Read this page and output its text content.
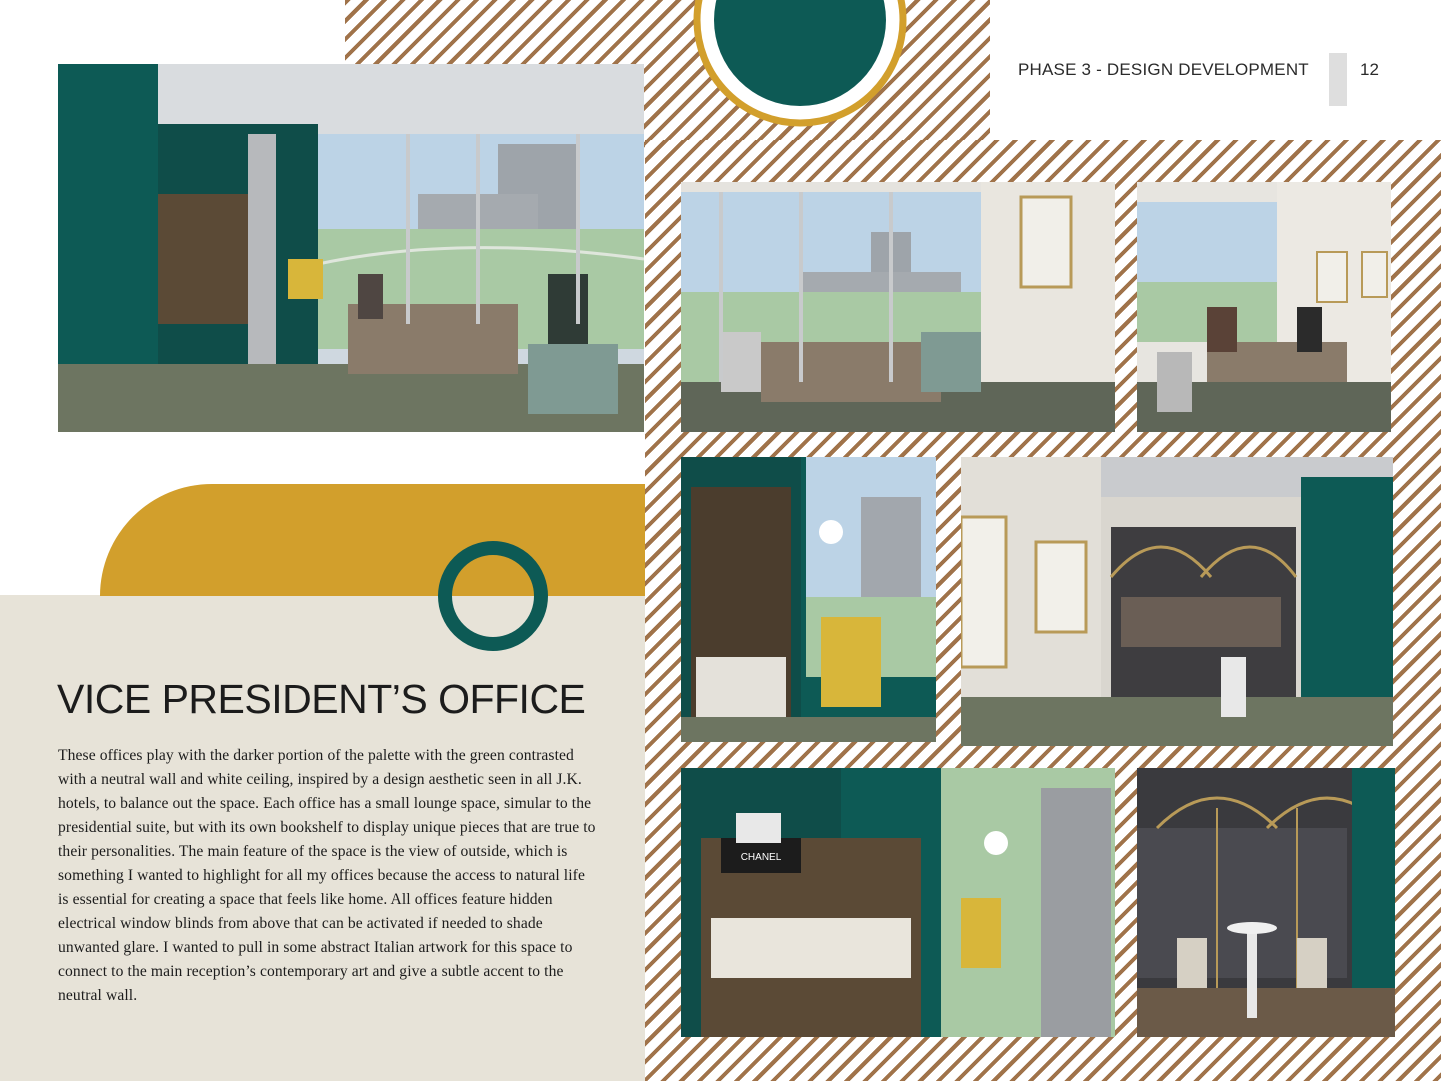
PHASE 3 - DESIGN DEVELOPMENT	12
CHANEL
VICE PRESIDENT’S OFFICE
These offices play with the darker portion of the palette with the green contrasted with a neutral wall and white ceiling, inspired by a design aesthetic seen in all J.K. hotels, to balance out the space. Each office has a small lounge space, simular to the presidential suite, but with its own bookshelf to display unique pieces that are true to their personalities. The main feature of the space is the view of outside, which is something I wanted to highlight for all my offices because the access to natural life is essential for creating a space that feels like home. All offices feature hidden electrical window blinds from above that can be activated if needed to shade unwanted glare. I wanted to pull in some abstract Italian artwork for this space to connect to the main reception’s contemporary art and give a subtle accent to the neutral wall.
